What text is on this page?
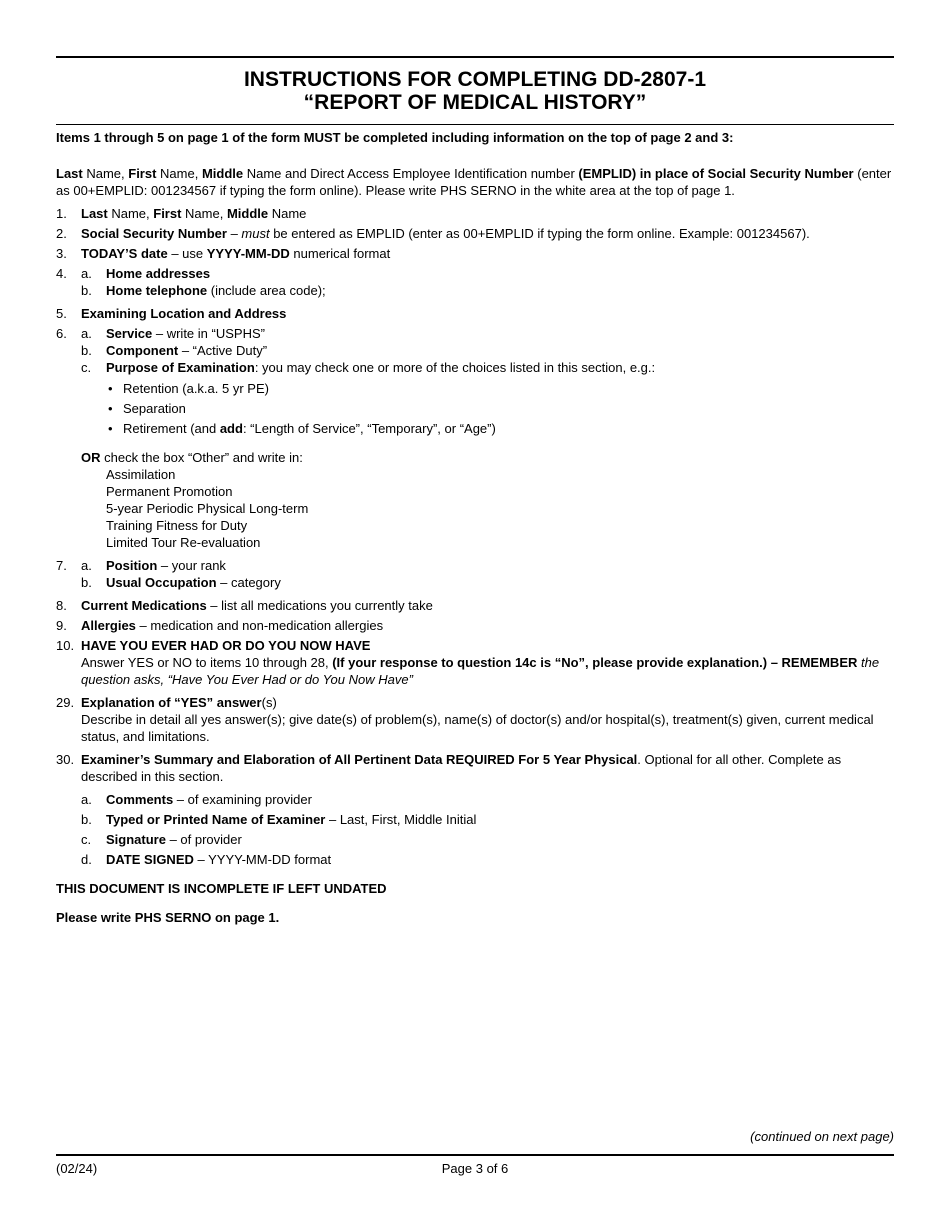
INSTRUCTIONS FOR COMPLETING DD-2807-1
“REPORT OF MEDICAL HISTORY”
Items 1 through 5 on page 1 of the form MUST be completed including information on the top of page 2 and 3:
Last Name, First Name, Middle Name and Direct Access Employee Identification number (EMPLID) in place of Social Security Number (enter as 00+EMPLID: 001234567 if typing the form online). Please write PHS SERNO in the white area at the top of page 1.
1. Last Name, First Name, Middle Name
2. Social Security Number – must be entered as EMPLID (enter as 00+EMPLID if typing the form online. Example: 001234567).
3. TODAY’S date – use YYYY-MM-DD numerical format
4. a. Home addresses
b. Home telephone (include area code);
5. Examining Location and Address
6. a. Service – write in “USPHS”
b. Component – “Active Duty”
c. Purpose of Examination: you may check one or more of the choices listed in this section, e.g.:
• Retention (a.k.a. 5 yr PE)
• Separation
• Retirement (and add: “Length of Service”, “Temporary”, or “Age”)
OR check the box “Other” and write in:
Assimilation
Permanent Promotion
5-year Periodic Physical Long-term
Training Fitness for Duty
Limited Tour Re-evaluation
7. a. Position – your rank
b. Usual Occupation – category
8. Current Medications – list all medications you currently take
9. Allergies – medication and non-medication allergies
10. HAVE YOU EVER HAD OR DO YOU NOW HAVE
Answer YES or NO to items 10 through 28, (If your response to question 14c is “No”, please provide explanation.) – REMEMBER the question asks, “Have You Ever Had or do You Now Have”
29. Explanation of “YES” answer(s)
Describe in detail all yes answer(s); give date(s) of problem(s), name(s) of doctor(s) and/or hospital(s), treatment(s) given, current medical status, and limitations.
30. Examiner’s Summary and Elaboration of All Pertinent Data REQUIRED For 5 Year Physical. Optional for all other. Complete as described in this section.
a. Comments – of examining provider
b. Typed or Printed Name of Examiner – Last, First, Middle Initial
c. Signature – of provider
d. DATE SIGNED – YYYY-MM-DD format
THIS DOCUMENT IS INCOMPLETE IF LEFT UNDATED
Please write PHS SERNO on page 1.
(continued on next page)
(02/24)	Page 3 of 6
